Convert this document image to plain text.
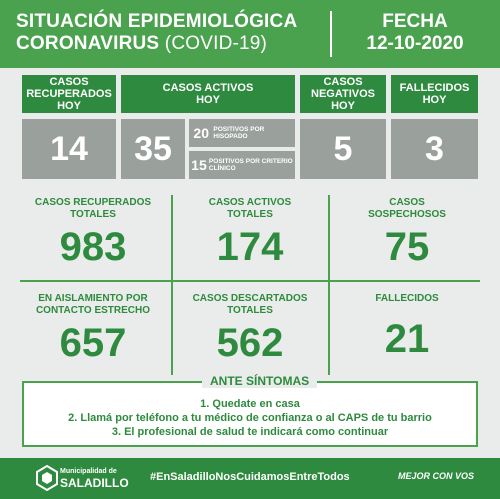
SITUACIÓN EPIDEMIOLÓGICA
CORONAVIRUS (COVID-19)
FECHA
12-10-2020
CASOS RECUPERADOS HOY
14
CASOS ACTIVOS HOY
35	20 POSITIVOS POR HISOPADO
15 POSITIVOS POR CRITERIO CLÍNICO
CASOS NEGATIVOS HOY
5
FALLECIDOS HOY
3
CASOS RECUPERADOS TOTALES
983
CASOS ACTIVOS TOTALES
174
CASOS SOSPECHOSOS
75
EN AISLAMIENTO POR CONTACTO ESTRECHO
657
CASOS DESCARTADOS TOTALES
562
FALLECIDOS
21
ANTE SÍNTOMAS
1. Quedate en casa
2. Llamá por teléfono a tu médico de confianza o al CAPS de tu barrio
3. El profesional de salud te indicará como continuar
Municipalidad de
SALADILLO #EnSaladilloNosCuidamosEntreTodos	MEJOR CON VOS
